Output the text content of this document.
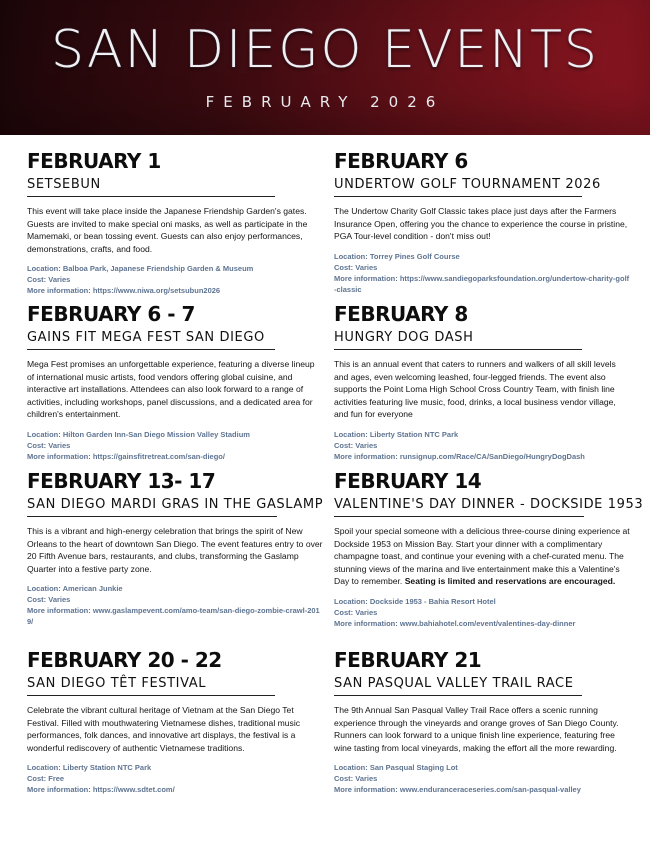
SAN DIEGO EVENTS
FEBRUARY 2026
FEBRUARY 1
SETSEBUN
This event will take place inside the Japanese Friendship Garden's gates. Guests are invited to make special oni masks, as well as participate in the Mamemaki, or bean tossing event. Guests can also enjoy performances, demonstrations, crafts, and food.
Location: Balboa Park, Japanese Friendship Garden & Museum
Cost: Varies
More information: https://www.niwa.org/setsubun2026
FEBRUARY 6
UNDERTOW GOLF TOURNAMENT 2026
The Undertow Charity Golf Classic takes place just days after the Farmers Insurance Open, offering you the chance to experience the course in pristine, PGA Tour-level condition - don't miss out!
Location: Torrey Pines Golf Course
Cost: Varies
More information: https://www.sandiegoparksfoundation.org/undertow-charity-golf-classic
FEBRUARY 6 - 7
GAINS FIT MEGA FEST SAN DIEGO
Mega Fest promises an unforgettable experience, featuring a diverse lineup of international music artists, food vendors offering global cuisine, and interactive art installations. Attendees can also look forward to a range of activities, including workshops, panel discussions, and a dedicated area for children's entertainment.
Location: Hilton Garden Inn-San Diego Mission Valley Stadium
Cost: Varies
More information: https://gainsfitretreat.com/san-diego/
FEBRUARY 8
HUNGRY DOG DASH
This is an annual event that caters to runners and walkers of all skill levels and ages, even welcoming leashed, four-legged friends. The event also supports the Point Loma High School Cross Country Team, with finish line activities featuring live music, food, drinks, a local business vendor village, and fun for everyone
Location: Liberty Station NTC Park
Cost: Varies
More information: runsignup.com/Race/CA/SanDiego/HungryDogDash
FEBRUARY 13- 17
SAN DIEGO MARDI GRAS IN THE GASLAMP
This is a vibrant and high-energy celebration that brings the spirit of New Orleans to the heart of downtown San Diego. The event features entry to over 20 Fifth Avenue bars, restaurants, and clubs, transforming the Gaslamp Quarter into a festive party zone.
Location: American Junkie
Cost: Varies
More information: www.gaslampevent.com/amo-team/san-diego-zombie-crawl-2019/
FEBRUARY 14
VALENTINE'S DAY DINNER - DOCKSIDE 1953
Spoil your special someone with a delicious three-course dining experience at Dockside 1953 on Mission Bay. Start your dinner with a complimentary champagne toast, and continue your evening with a chef-curated menu. The stunning views of the marina and live entertainment make this a Valentine's Day to remember. Seating is limited and reservations are encouraged.
Location: Dockside 1953 - Bahia Resort Hotel
Cost: Varies
More information: www.bahiahotel.com/event/valentines-day-dinner
FEBRUARY 20 - 22
SAN DIEGO TÊT FESTIVAL
Celebrate the vibrant cultural heritage of Vietnam at the San Diego Tet Festival. Filled with mouthwatering Vietnamese dishes, traditional music performances, folk dances, and innovative art displays, the festival is a wonderful rediscovery of authentic Vietnamese traditions.
Location: Liberty Station NTC Park
Cost: Free
More information: https://www.sdtet.com/
FEBRUARY 21
SAN PASQUAL VALLEY TRAIL RACE
The 9th Annual San Pasqual Valley Trail Race offers a scenic running experience through the vineyards and orange groves of San Diego County. Runners can look forward to a unique finish line experience, featuring free wine tasting from local vineyards, making the effort all the more rewarding.
Location: San Pasqual Staging Lot
Cost: Varies
More information: www.enduranceraceseries.com/san-pasqual-valley
